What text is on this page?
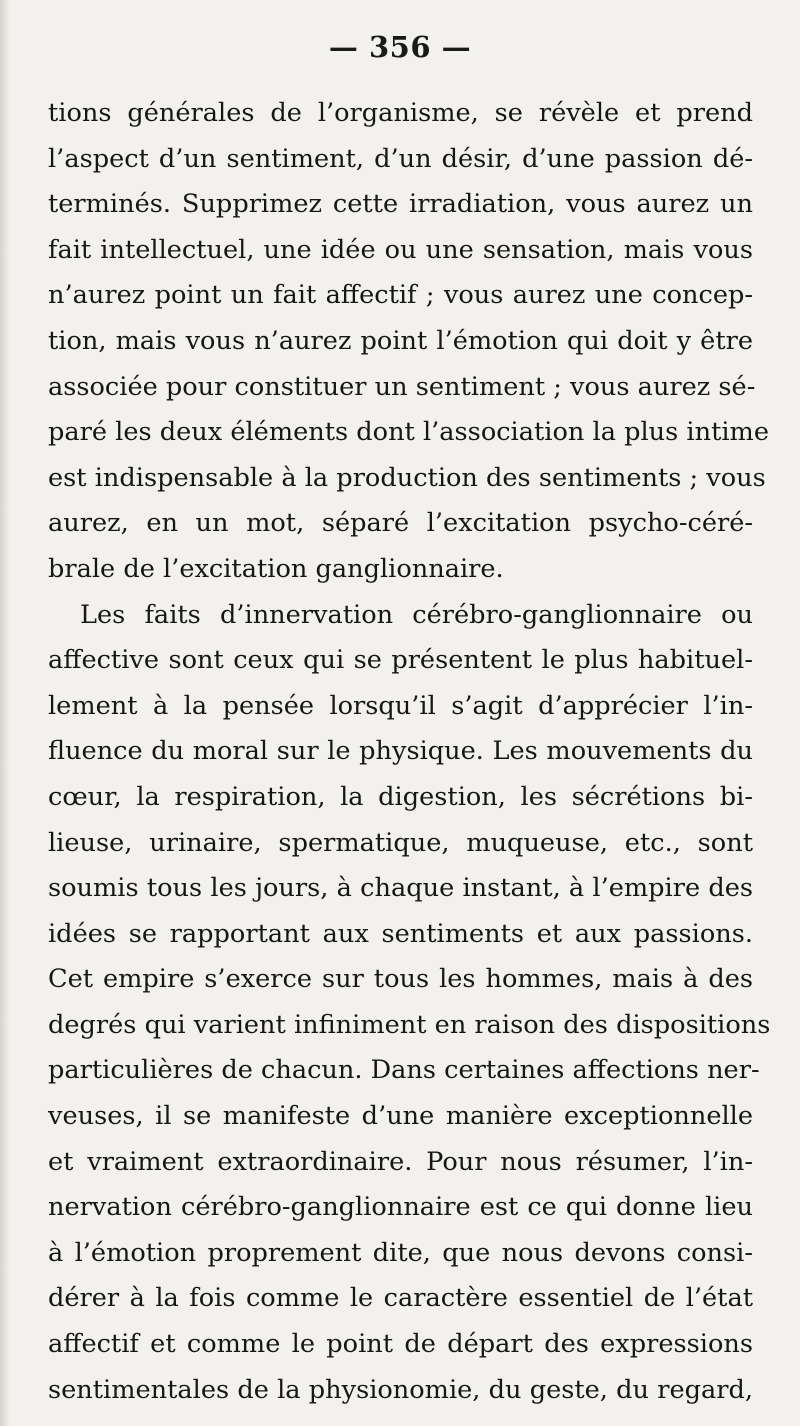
— 356 —
tions générales de l’organisme, se révèle et prend
l’aspect d’un sentiment, d’un désir, d’une passion dé-
terminés. Supprimez cette irradiation, vous aurez un
fait intellectuel, une idée ou une sensation, mais vous
n’aurez point un fait affectif ; vous aurez une concep-
tion, mais vous n’aurez point l’émotion qui doit y être
associée pour constituer un sentiment ; vous aurez sé-
paré les deux éléments dont l’association la plus intime
est indispensable à la production des sentiments ; vous
aurez, en un mot, séparé l’excitation psycho-céré-
brale de l’excitation ganglionnaire.
Les faits d’innervation cérébro-ganglionnaire ou
affective sont ceux qui se présentent le plus habituel-
lement à la pensée lorsqu’il s’agit d’apprécier l’in-
fluence du moral sur le physique. Les mouvements du
cœur, la respiration, la digestion, les sécrétions bi-
lieuse, urinaire, spermatique, muqueuse, etc., sont
soumis tous les jours, à chaque instant, à l’empire des
idées se rapportant aux sentiments et aux passions.
Cet empire s’exerce sur tous les hommes, mais à des
degrés qui varient infiniment en raison des dispositions
particulières de chacun. Dans certaines affections ner-
veuses, il se manifeste d’une manière exceptionnelle
et vraiment extraordinaire. Pour nous résumer, l’in-
nervation cérébro-ganglionnaire est ce qui donne lieu
à l’émotion proprement dite, que nous devons consi-
dérer à la fois comme le caractère essentiel de l’état
affectif et comme le point de départ des expressions
sentimentales de la physionomie, du geste, du regard,
